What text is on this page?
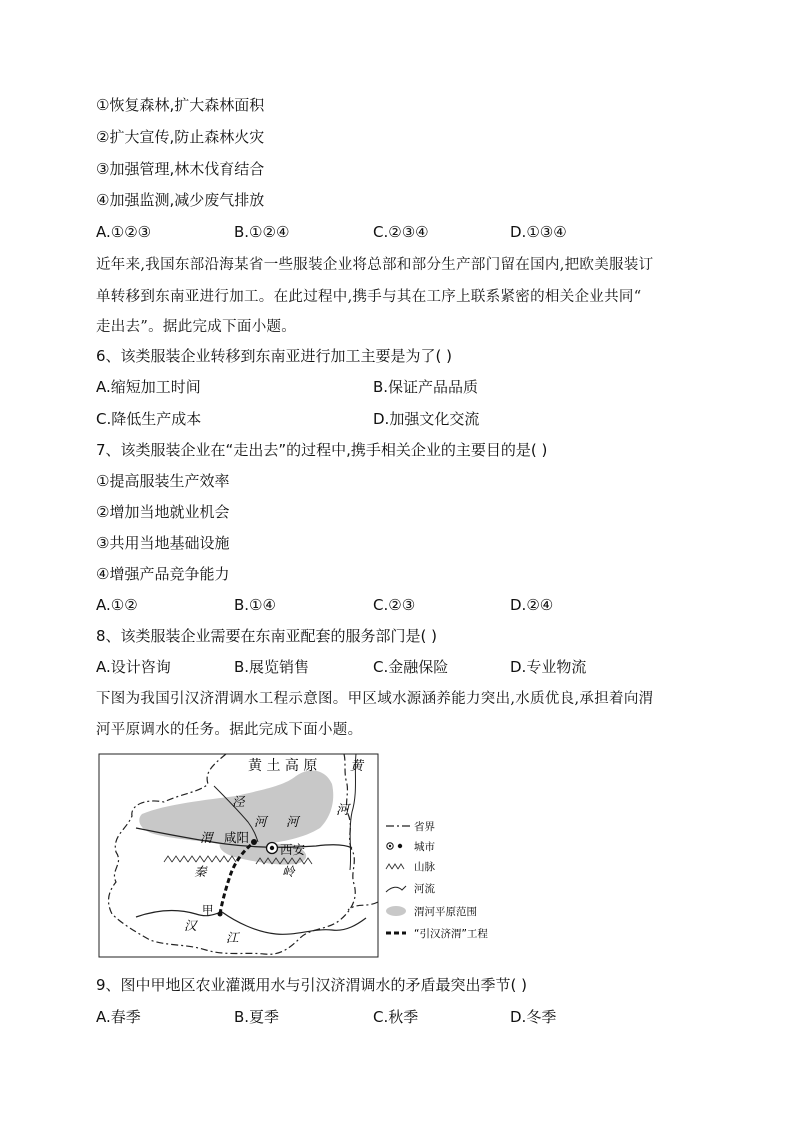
①恢复森林,扩大森林面积
②扩大宣传,防止森林火灾
③加强管理,林木伐育结合
④加强监测,减少废气排放
A.①②③	B.①②④	C.②③④	D.①③④
近年来,我国东部沿海某省一些服装企业将总部和部分生产部门留在国内,把欧美服装订
单转移到东南亚进行加工。在此过程中,携手与其在工序上联系紧密的相关企业共同“
走出去”。据此完成下面小题。
6、该类服装企业转移到东南亚进行加工主要是为了( )
A.缩短加工时间	B.保证产品品质
C.降低生产成本	D.加强文化交流
7、该类服装企业在“走出去”的过程中,携手相关企业的主要目的是( )
①提高服装生产效率
②增加当地就业机会
③共用当地基础设施
④增强产品竞争能力
A.①②	B.①④	C.②③	D.②④
8、该类服装企业需要在东南亚配套的服务部门是( )
A.设计咨询	B.展览销售	C.金融保险	D.专业物流
下图为我国引汉济渭调水工程示意图。甲区域水源涵养能力突出,水质优良,承担着向渭
河平原调水的任务。据此完成下面小题。
黄 土 高 原	黄
河
泾
河 河
渭 咸阳
西安
秦	岭
甲
汉
江
省界
城市
山脉
河流
渭河平原范围
“引汉济渭”工程
9、图中甲地区农业灌溉用水与引汉济渭调水的矛盾最突出季节( )
A.春季	B.夏季	C.秋季	D.冬季
